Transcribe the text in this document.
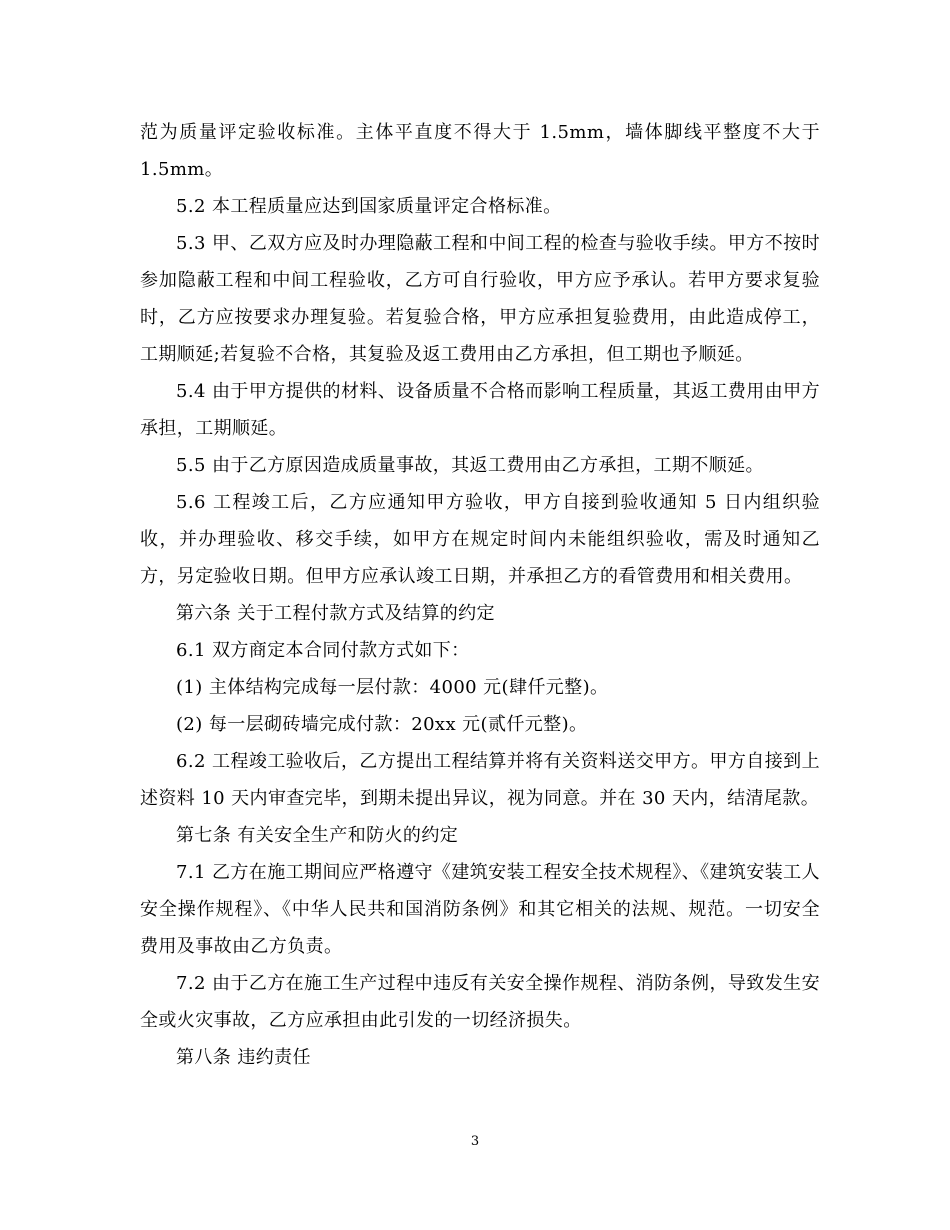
范为质量评定验收标准。主体平直度不得大于 1.5mm，墙体脚线平整度不大于 1.5mm。

5.2 本工程质量应达到国家质量评定合格标准。

5.3 甲、乙双方应及时办理隐蔽工程和中间工程的检查与验收手续。甲方不按时参加隐蔽工程和中间工程验收，乙方可自行验收，甲方应予承认。若甲方要求复验时，乙方应按要求办理复验。若复验合格，甲方应承担复验费用，由此造成停工，工期顺延;若复验不合格，其复验及返工费用由乙方承担，但工期也予顺延。

5.4 由于甲方提供的材料、设备质量不合格而影响工程质量，其返工费用由甲方承担，工期顺延。

5.5 由于乙方原因造成质量事故，其返工费用由乙方承担，工期不顺延。

5.6 工程竣工后，乙方应通知甲方验收，甲方自接到验收通知 5 日内组织验收，并办理验收、移交手续，如甲方在规定时间内未能组织验收，需及时通知乙方，另定验收日期。但甲方应承认竣工日期，并承担乙方的看管费用和相关费用。

第六条 关于工程付款方式及结算的约定

6.1 双方商定本合同付款方式如下：

(1) 主体结构完成每一层付款：4000 元(肆仟元整)。

(2) 每一层砌砖墙完成付款：20xx 元(贰仟元整)。

6.2 工程竣工验收后，乙方提出工程结算并将有关资料送交甲方。甲方自接到上述资料 10 天内审查完毕，到期未提出异议，视为同意。并在 30 天内，结清尾款。

第七条 有关安全生产和防火的约定

7.1 乙方在施工期间应严格遵守《建筑安装工程安全技术规程》、《建筑安装工人安全操作规程》、《中华人民共和国消防条例》和其它相关的法规、规范。一切安全费用及事故由乙方负责。

7.2 由于乙方在施工生产过程中违反有关安全操作规程、消防条例，导致发生安全或火灾事故，乙方应承担由此引发的一切经济损失。

第八条 违约责任

3
